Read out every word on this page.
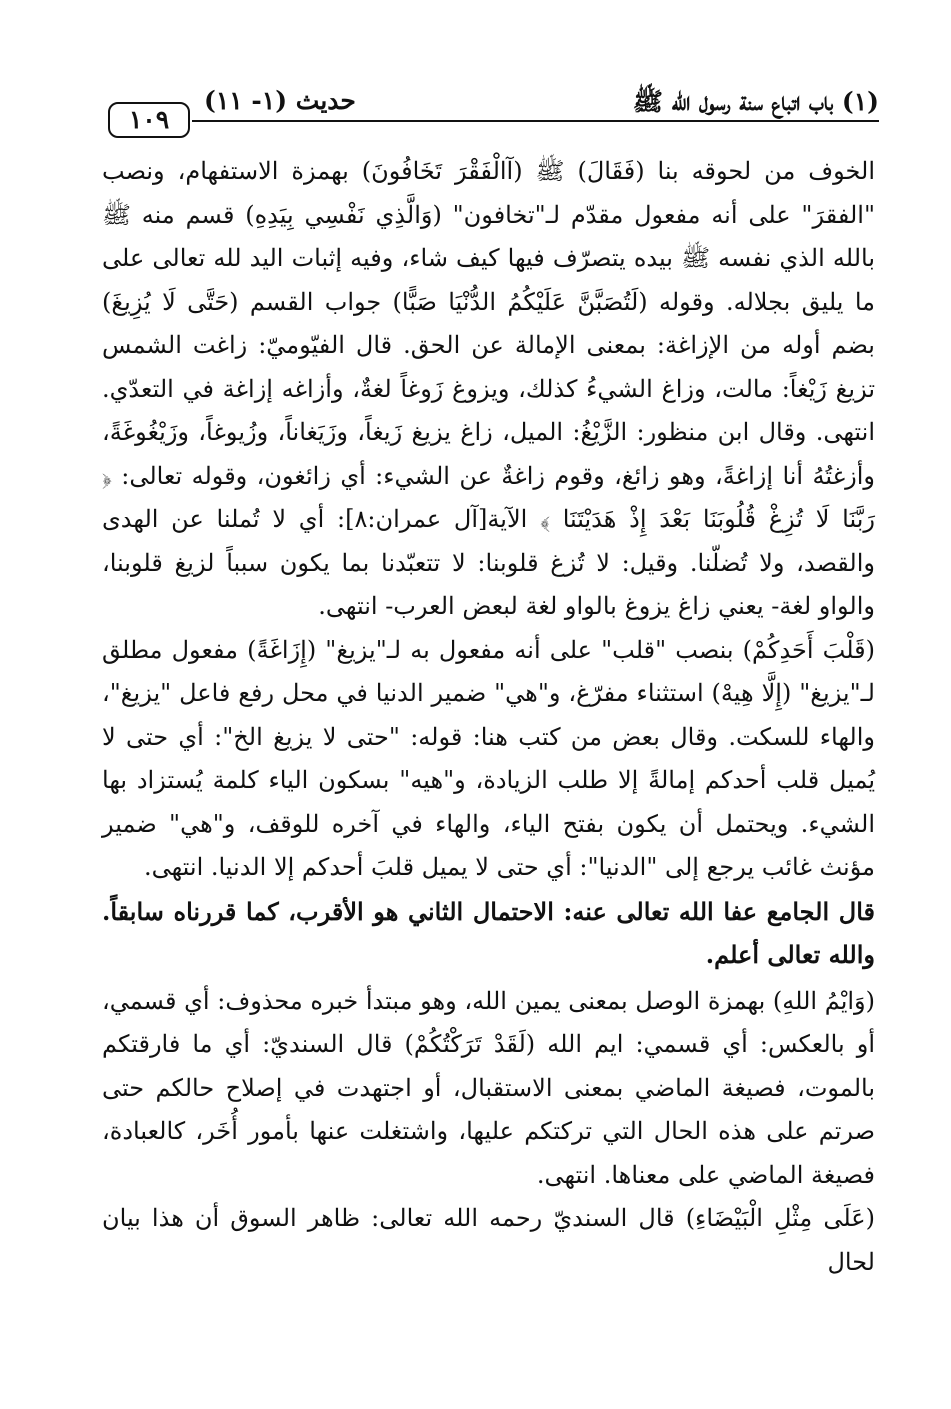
(١) باب اتباع سنة رسول الله ﷺ
حديث (١- ١١)
١٠٩

الخوف من لحوقه بنا (فَقَالَ) ﷺ (آالْفَقْرَ تَخَافُونَ) بهمزة الاستفهام، ونصب "الفقرَ" على أنه مفعول مقدّم لـ"تخافون" (وَالَّذِي نَفْسِي بِيَدِهِ) قسم منه ﷺ بالله الذي نفسه ﷺ بيده يتصرّف فيها كيف شاء، وفيه إثبات اليد لله تعالى على ما يليق بجلاله. وقوله (لَتُصَبَّنَّ عَلَيْكُمُ الدُّنْيَا صَبًّا) جواب القسم (حَتَّى لَا يُزِيغَ) بضم أوله من الإزاغة: بمعنى الإمالة عن الحق. قال الفيّوميّ: زاغت الشمس تزيغ زَيْغاً: مالت، وزاغ الشيءُ كذلك، ويزوغ زَوغاً لغةٌ، وأزاغه إزاغة في التعدّي. انتهى. وقال ابن منظور: الزَّيْغُ: الميل، زاغ يزيغ زَيغاً، وزَيَغاناً، وزُيوغاً، وزَيْغُوغَةً، وأزغتُهُ أنا إزاغةً، وهو زائغ، وقوم زاغةٌ عن الشيء: أي زائغون، وقوله تعالى: ﴿ رَبَّنَا لَا تُزِغْ قُلُوبَنَا بَعْدَ إِذْ هَدَيْتَنَا ﴾ الآية[آل عمران:٨]: أي لا تُملنا عن الهدى والقصد، ولا تُضلّنا. وقيل: لا تُزغ قلوبنا: لا تتعبّدنا بما يكون سبباً لزيغ قلوبنا، والواو لغة- يعني زاغ يزوغ بالواو لغة لبعض العرب- انتهى.

(قَلْبَ أَحَدِكُمْ) بنصب "قلب" على أنه مفعول به لـ"يزيغ" (إِزَاغَةً) مفعول مطلق لـ"يزيغ" (إِلَّا هِيهْ) استثناء مفرّغ، و"هي" ضمير الدنيا في محل رفع فاعل "يزيغ"، والهاء للسكت. وقال بعض من كتب هنا: قوله: "حتى لا يزيغ الخ": أي حتى لا يُميل قلب أحدكم إمالةً إلا طلب الزيادة، و"هيه" بسكون الياء كلمة يُستزاد بها الشيء. ويحتمل أن يكون بفتح الياء، والهاء في آخره للوقف، و"هي" ضمير مؤنث غائب يرجع إلى "الدنيا": أي حتى لا يميل قلبَ أحدكم إلا الدنيا. انتهى.

قال الجامع عفا الله تعالى عنه: الاحتمال الثاني هو الأقرب، كما قررناه سابقاً. والله تعالى أعلم.

(وَايْمُ اللهِ) بهمزة الوصل بمعنى يمين الله، وهو مبتدأ خبره محذوف: أي قسمي، أو بالعكس: أي قسمي: ايم الله (لَقَدْ تَرَكْتُكُمْ) قال السنديّ: أي ما فارقتكم بالموت، فصيغة الماضي بمعنى الاستقبال، أو اجتهدت في إصلاح حالكم حتى صرتم على هذه الحال التي تركتكم عليها، واشتغلت عنها بأمور أُخَر، كالعبادة، فصيغة الماضي على معناها. انتهى.

(عَلَى مِثْلِ الْبَيْضَاءِ) قال السنديّ رحمه الله تعالى: ظاهر السوق أن هذا بيان لحال
